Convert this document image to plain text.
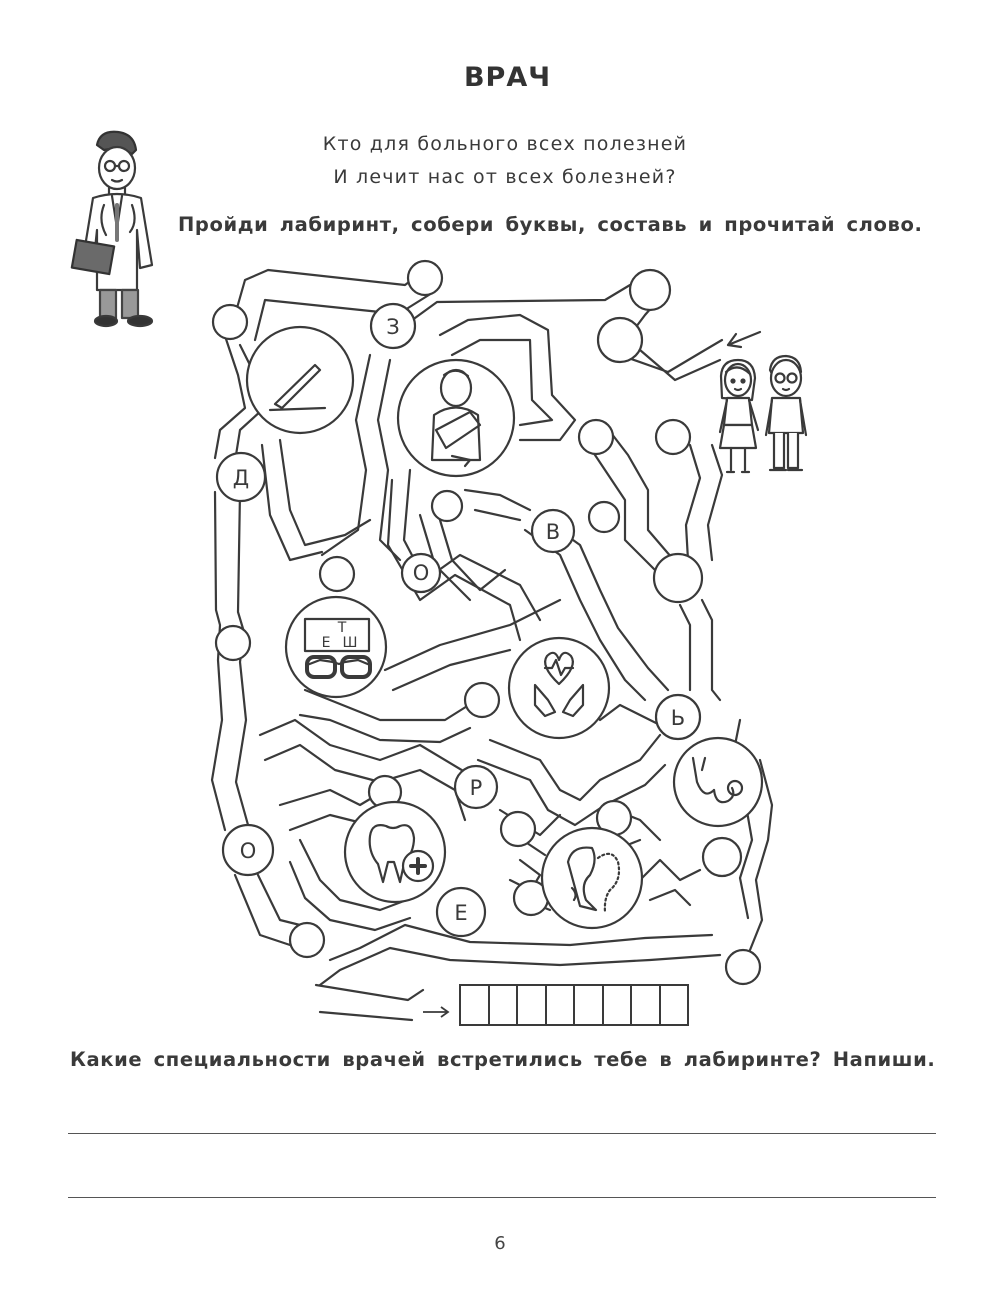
ВРАЧ
Кто для больного всех полезней
И лечит нас от всех болезней?
Пройди лабиринт, собери буквы, составь и прочитай слово.
З
Д
В
О
Ь
Р
О
Е
Т
Е Ш
Какие специальности врачей встретились тебе в лабиринте? Напиши.
6
